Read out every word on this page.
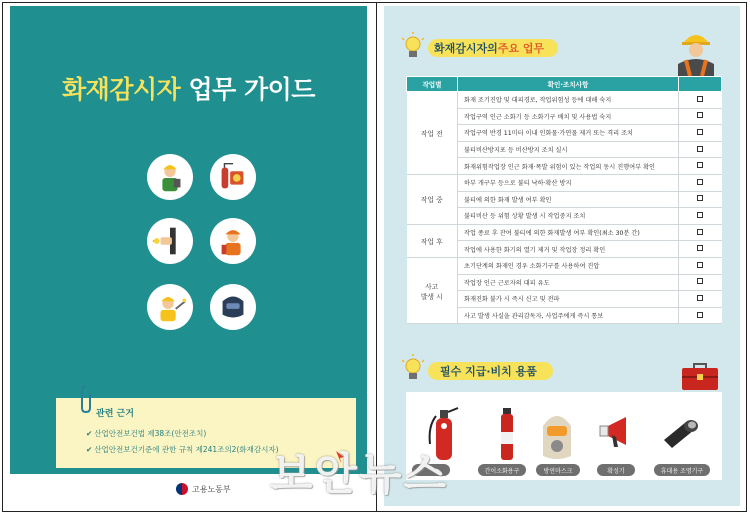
화재감시자 업무 가이드
관련 근거
✔ 산업안전보건법 제38조(안전조치)
✔ 산업안전보건기준에 관한 규칙 제241조의2(화재감시자)
고용노동부
화재감시자의 주요 업무
작업별	확인·조치사항	
작업 전	화재 조기진압 및 대피경로, 작업위험성 등에 대해 숙지	
	작업구역 인근 소화기 등 소화기구 배치 및 사용법 숙지	
	작업구역 반경 11미터 이내 인화물·가연물 제거 또는 격리 조치	
	불티비산방지포 등 비산방지 조치 실시	
	화재위험작업장 인근 화재·폭발 위험이 있는 작업의 동시 진행여부 확인	
작업 중	하부 개구부 등으로 불티 낙하·확산 방지	
	불티에 의한 화재 발생 여부 확인	
	불티비산 등 위험 상황 발생 시 작업중지 조치	
작업 후	작업 종료 후 잔여 불티에 의한 화재발생 여부 확인(최소 30분 간)	
	작업에 사용한 화기의 열기 제거 및 작업장 정리 확인	
사고
발생 시	초기단계의 화재인 경우 소화기구를 사용하여 진압	
	작업장 인근 근로자의 대피 유도	
	화재진화 불가 시 즉시 신고 및 전파	
	사고 발생 사실을 관리감독자, 사업주에게 즉시 통보	
필수 지급·비치 용품
간이소화용구	방연마스크	확성기	휴대용 조명기구
보안뉴스
